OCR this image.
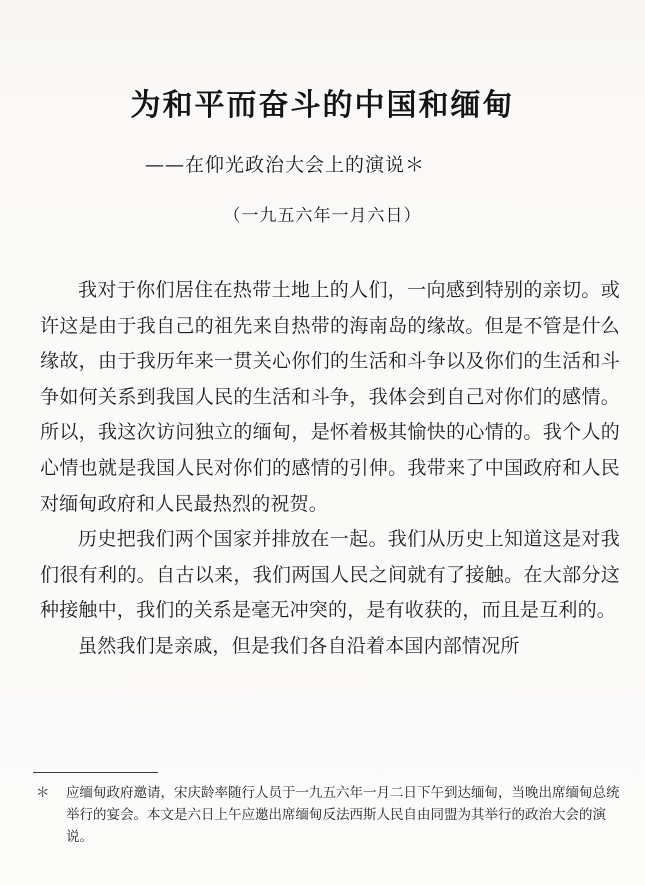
为和平而奋斗的中国和缅甸
——在仰光政治大会上的演说＊
（一九五六年一月六日）

我对于你们居住在热带土地上的人们，一向感到特别的亲切。或许这是由于我自己的祖先来自热带的海南岛的缘故。但是不管是什么缘故，由于我历年来一贯关心你们的生活和斗争以及你们的生活和斗争如何关系到我国人民的生活和斗争，我体会到自己对你们的感情。所以，我这次访问独立的缅甸，是怀着极其愉快的心情的。我个人的心情也就是我国人民对你们的感情的引伸。我带来了中国政府和人民对缅甸政府和人民最热烈的祝贺。

历史把我们两个国家并排放在一起。我们从历史上知道这是对我们很有利的。自古以来，我们两国人民之间就有了接触。在大部分这种接触中，我们的关系是毫无冲突的，是有收获的，而且是互利的。

虽然我们是亲戚，但是我们各自沿着本国内部情况所

＊ 应缅甸政府邀请，宋庆龄率随行人员于一九五六年一月二日下午到达缅甸，当晚出席缅甸总统举行的宴会。本文是六日上午应邀出席缅甸反法西斯人民自由同盟为其举行的政治大会的演说。
